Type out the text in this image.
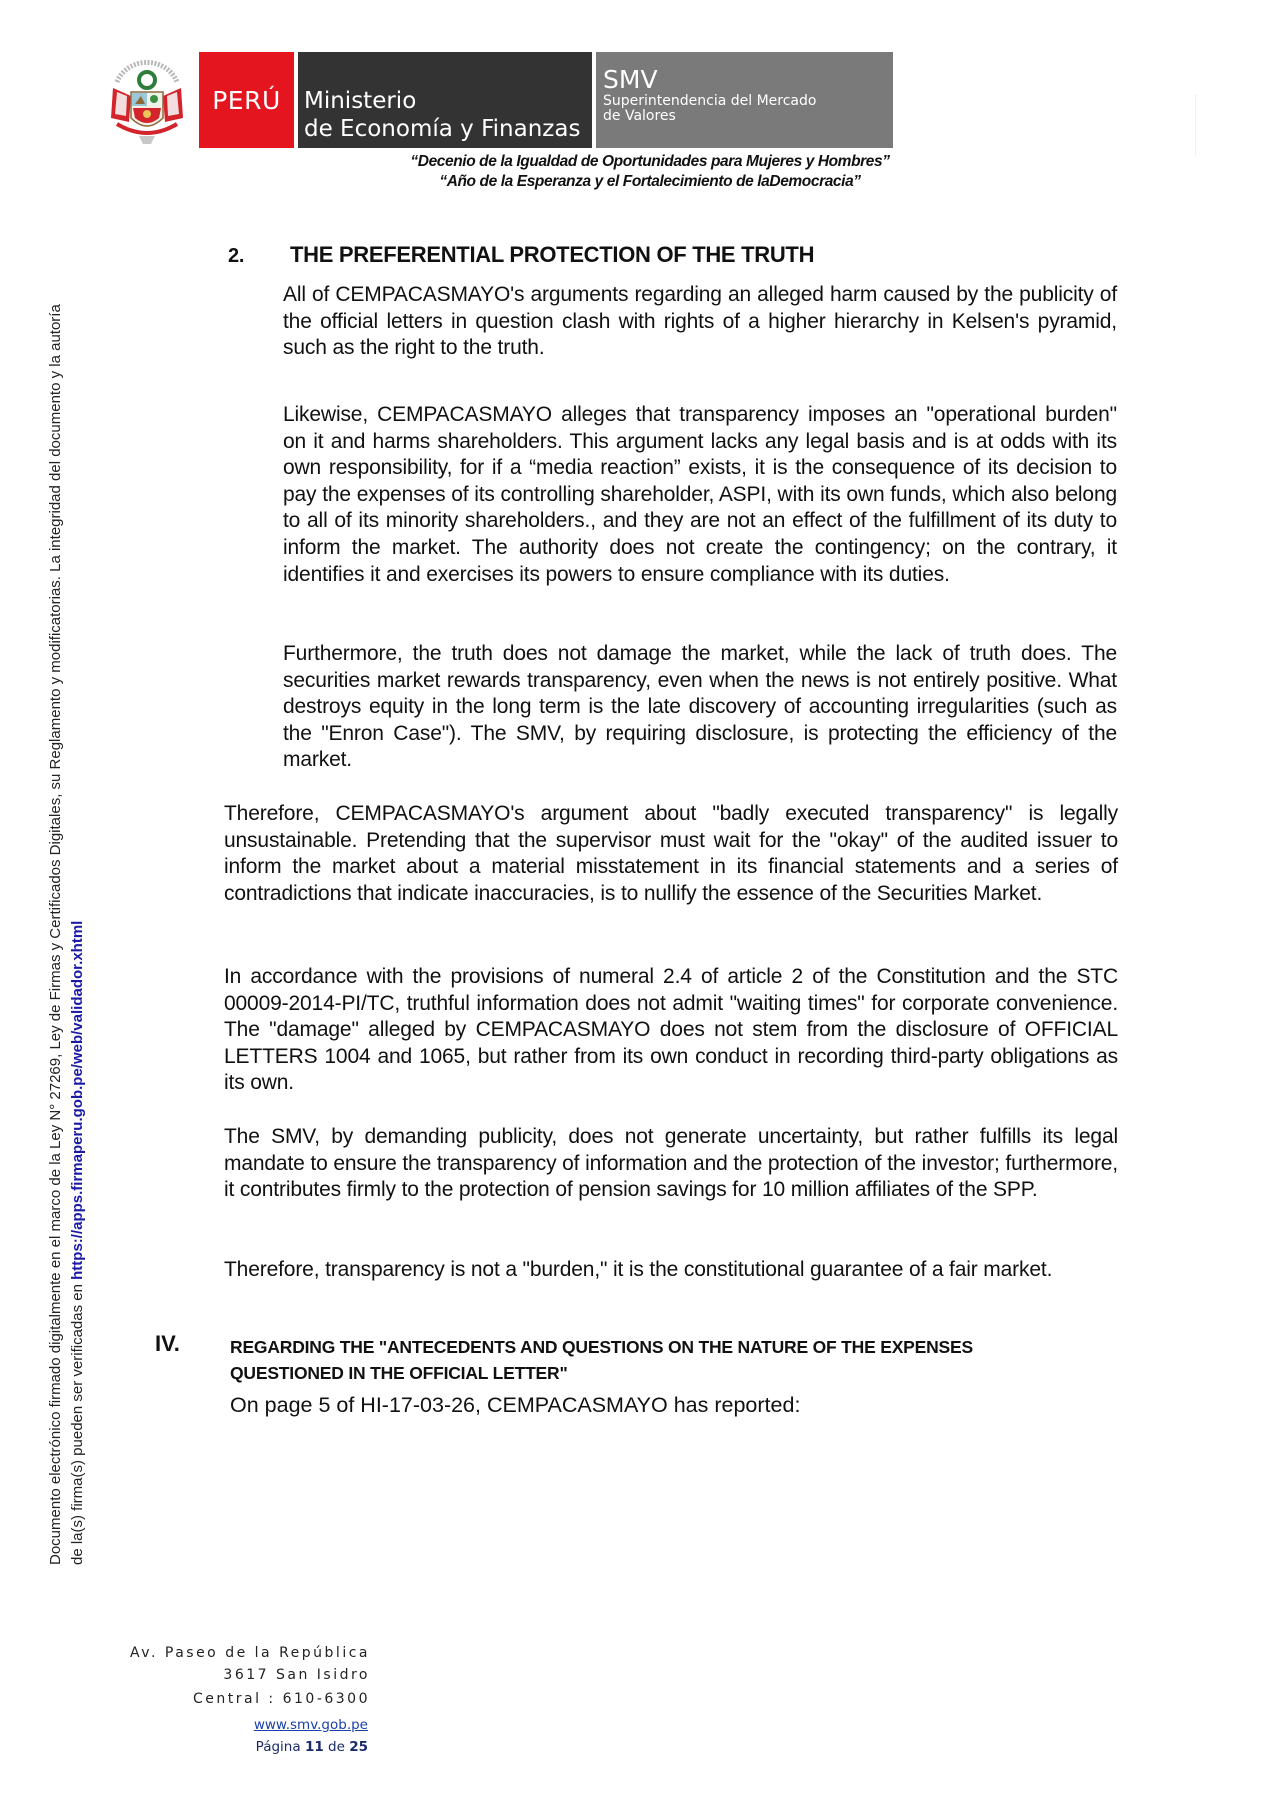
PERÚ Ministerio
de Economía y Finanzas
SMV
Superintendencia del Mercado
de Valores
“Decenio de la Igualdad de Oportunidades para Mujeres y Hombres”
“Año de la Esperanza y el Fortalecimiento de laDemocracia”
Documento electrónico firmado digitalmente en el marco de la Ley N° 27269, Ley de Firmas y Certificados Digitales, su Reglamento y modificatorias. La integridad del documento y la autoría de la(s) firma(s) pueden ser verificadas en https://apps.firmaperu.gob.pe/web/validador.xhtml
2. THE PREFERENTIAL PROTECTION OF THE TRUTH

All of CEMPACASMAYO's arguments regarding an alleged harm caused by the publicity of the official letters in question clash with rights of a higher hierarchy in Kelsen's pyramid, such as the right to the truth.

Likewise, CEMPACASMAYO alleges that transparency imposes an "operational burden" on it and harms shareholders. This argument lacks any legal basis and is at odds with its own responsibility, for if a “media reaction” exists, it is the consequence of its decision to pay the expenses of its controlling shareholder, ASPI, with its own funds, which also belong to all of its minority shareholders., and they are not an effect of the fulfillment of its duty to inform the market. The authority does not create the contingency; on the contrary, it identifies it and exercises its powers to ensure compliance with its duties.

Furthermore, the truth does not damage the market, while the lack of truth does. The securities market rewards transparency, even when the news is not entirely positive. What destroys equity in the long term is the late discovery of accounting irregularities (such as the "Enron Case"). The SMV, by requiring disclosure, is protecting the efficiency of the market.

Therefore, CEMPACASMAYO's argument about "badly executed transparency" is legally unsustainable. Pretending that the supervisor must wait for the "okay" of the audited issuer to inform the market about a material misstatement in its financial statements and a series of contradictions that indicate inaccuracies, is to nullify the essence of the Securities Market.

In accordance with the provisions of numeral 2.4 of article 2 of the Constitution and the STC 00009-2014-PI/TC, truthful information does not admit "waiting times" for corporate convenience. The "damage" alleged by CEMPACASMAYO does not stem from the disclosure of OFFICIAL LETTERS 1004 and 1065, but rather from its own conduct in recording third-party obligations as its own.

The SMV, by demanding publicity, does not generate uncertainty, but rather fulfills its legal mandate to ensure the transparency of information and the protection of the investor; furthermore, it contributes firmly to the protection of pension savings for 10 million affiliates of the SPP.

Therefore, transparency is not a "burden," it is the constitutional guarantee of a fair market.

IV.	REGARDING THE "ANTECEDENTS AND QUESTIONS ON THE NATURE OF THE EXPENSES QUESTIONED IN THE OFFICIAL LETTER"
On page 5 of HI-17-03-26, CEMPACASMAYO has reported:
Av. Paseo de la República
3617 San Isidro
Central : 610-6300
www.smv.gob.pe
Página 11 de 25
